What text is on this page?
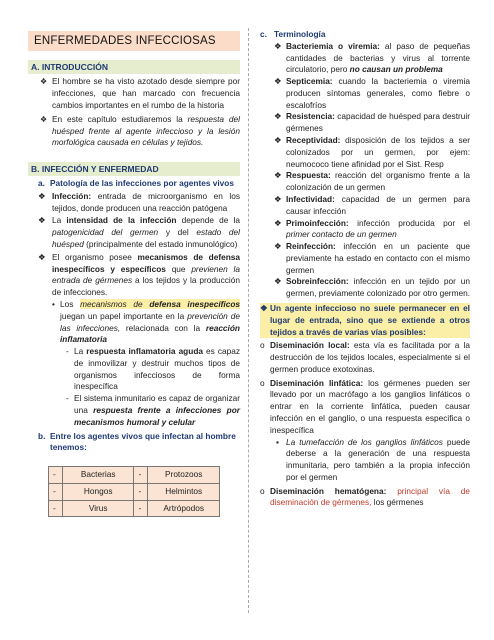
ENFERMEDADES INFECCIOSAS
A. INTRODUCCIÓN

❖ El hombre se ha visto azotado desde siempre por infecciones, que han marcado con frecuencia cambios importantes en el rumbo de la historia

❖ En este capítulo estudiaremos la respuesta del huésped frente al agente infeccioso y la lesión morfológica causada en células y tejidos.

B. INFECCIÓN Y ENFERMEDAD
a. Patología de las infecciones por agentes vivos

❖ Infección: entrada de microorganismo en los tejidos, donde producen una reacción patógena

❖ La intensidad de la infección depende de la patogenicidad del germen y del estado del huésped (principalmente del estado inmunológico)

❖ El organismo posee mecanismos de defensa inespecíficos y específicos que previenen la entrada de gérmenes a los tejidos y la producción de infecciones.

• Los mecanismos de defensa inespecíficos juegan un papel importante en la prevención de las infecciones, relacionada con la reacción inflamatoria

- La respuesta inflamatoria aguda es capaz de inmovilizar y destruir muchos tipos de organismos infecciosos de forma inespecífica

- El sistema inmunitario es capaz de organizar una respuesta frente a infecciones por mecanismos humoral y celular

b. Entre los agentes vivos que infectan al hombre tenemos:
-	Bacterias	-	Protozoos
-	Hongos	-	Helmintos
-	Virus	-	Artrópodos
c. Terminología

❖ Bacteriemia o viremia: al paso de pequeñas cantidades de bacterias y virus al torrente circulatorio, pero no causan un problema

❖ Septicemia: cuando la bacteriemia o viremia producen síntomas generales, como fiebre o escalofríos

❖ Resistencia: capacidad de huésped para destruir gérmenes

❖ Receptividad: disposición de los tejidos a ser colonizados por un germen, por ejem: neumococo tiene afinidad por el Sist. Resp

❖ Respuesta: reacción del organismo frente a la colonización de un germen

❖ Infectividad: capacidad de un germen para causar infección

❖ Primoinfección: infección producida por el primer contacto de un germen

❖ Reinfección: infección en un paciente que previamente ha estado en contacto con el mismo germen

❖ Sobreinfección: infección en un tejido por un germen, previamente colonizado por otro germen.

❖ Un agente infeccioso no suele permanecer en el lugar de entrada, sino que se extiende a otros tejidos a través de varias vías posibles:

o Diseminación local: esta vía es facilitada por a la destrucción de los tejidos locales, especialmente si el germen produce exotoxinas.

o Diseminación linfática: los gérmenes pueden ser llevado por un macrófago a los ganglios linfáticos o entrar en la corriente linfática, pueden causar infección en el ganglio, o una respuesta especifica o inespecífica

▪ La tumefacción de los ganglios linfáticos puede deberse a la generación de una respuesta inmunitaria, pero también a la propia infección por el germen

o Diseminación hematógena: principal vía de diseminación de gérmenes, los gérmenes
